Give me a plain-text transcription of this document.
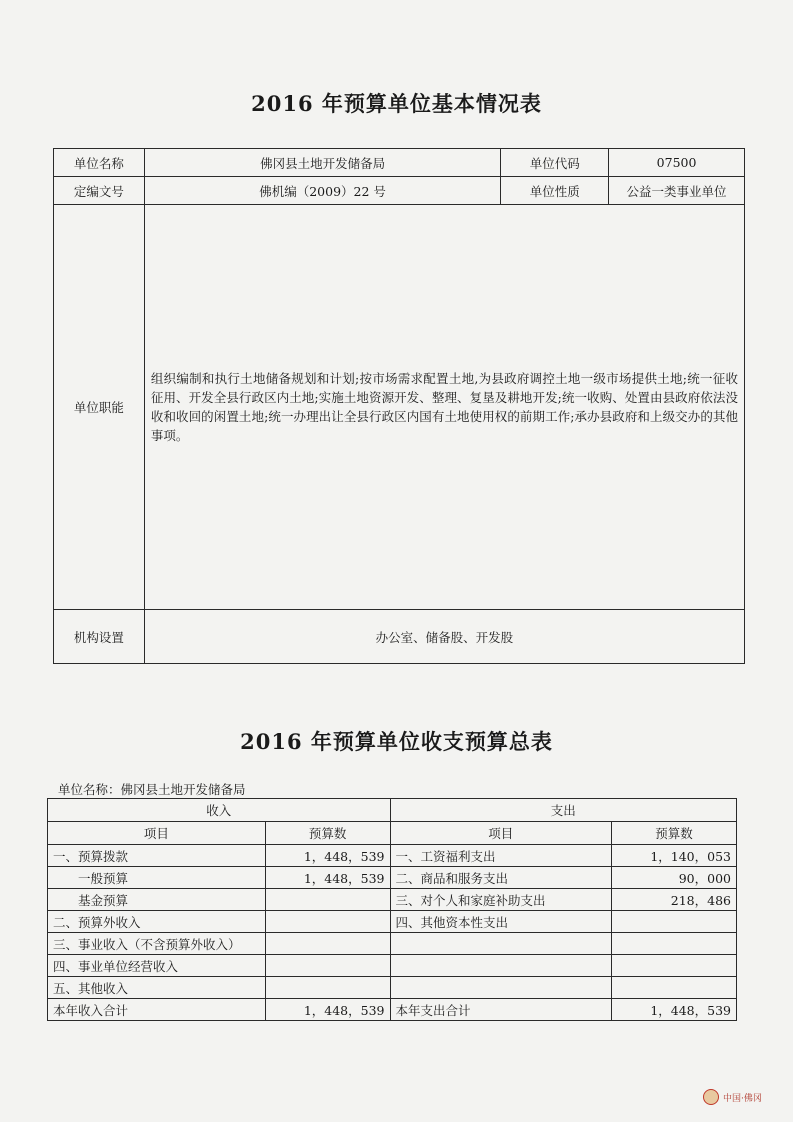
2016 年预算单位基本情况表
单位名称	佛冈县土地开发储备局	单位代码	07500
定编文号	佛机编（2009）22 号	单位性质	公益一类事业单位
单位职能	组织编制和执行土地储备规划和计划;按市场需求配置土地,为县政府调控土地一级市场提供土地;统一征收征用、开发全县行政区内土地;实施土地资源开发、整理、复垦及耕地开发;统一收购、处置由县政府依法没收和收回的闲置土地;统一办理出让全县行政区内国有土地使用权的前期工作;承办县政府和上级交办的其他事项。		
机构设置	办公室、储备股、开发股		
2016 年预算单位收支预算总表
单位名称：佛冈县土地开发储备局
收入		支出	
项目	预算数	项目	预算数
一、预算拨款	1，448，539	一、工资福利支出	1，140，053
一般预算	1，448，539	二、商品和服务支出	90，000
基金预算		三、对个人和家庭补助支出	218，486
二、预算外收入		四、其他资本性支出	
三、事业收入（不含预算外收入）			
四、事业单位经营收入			
五、其他收入			
本年收入合计	1，448，539	本年支出合计	1，448，539
中国·佛冈
